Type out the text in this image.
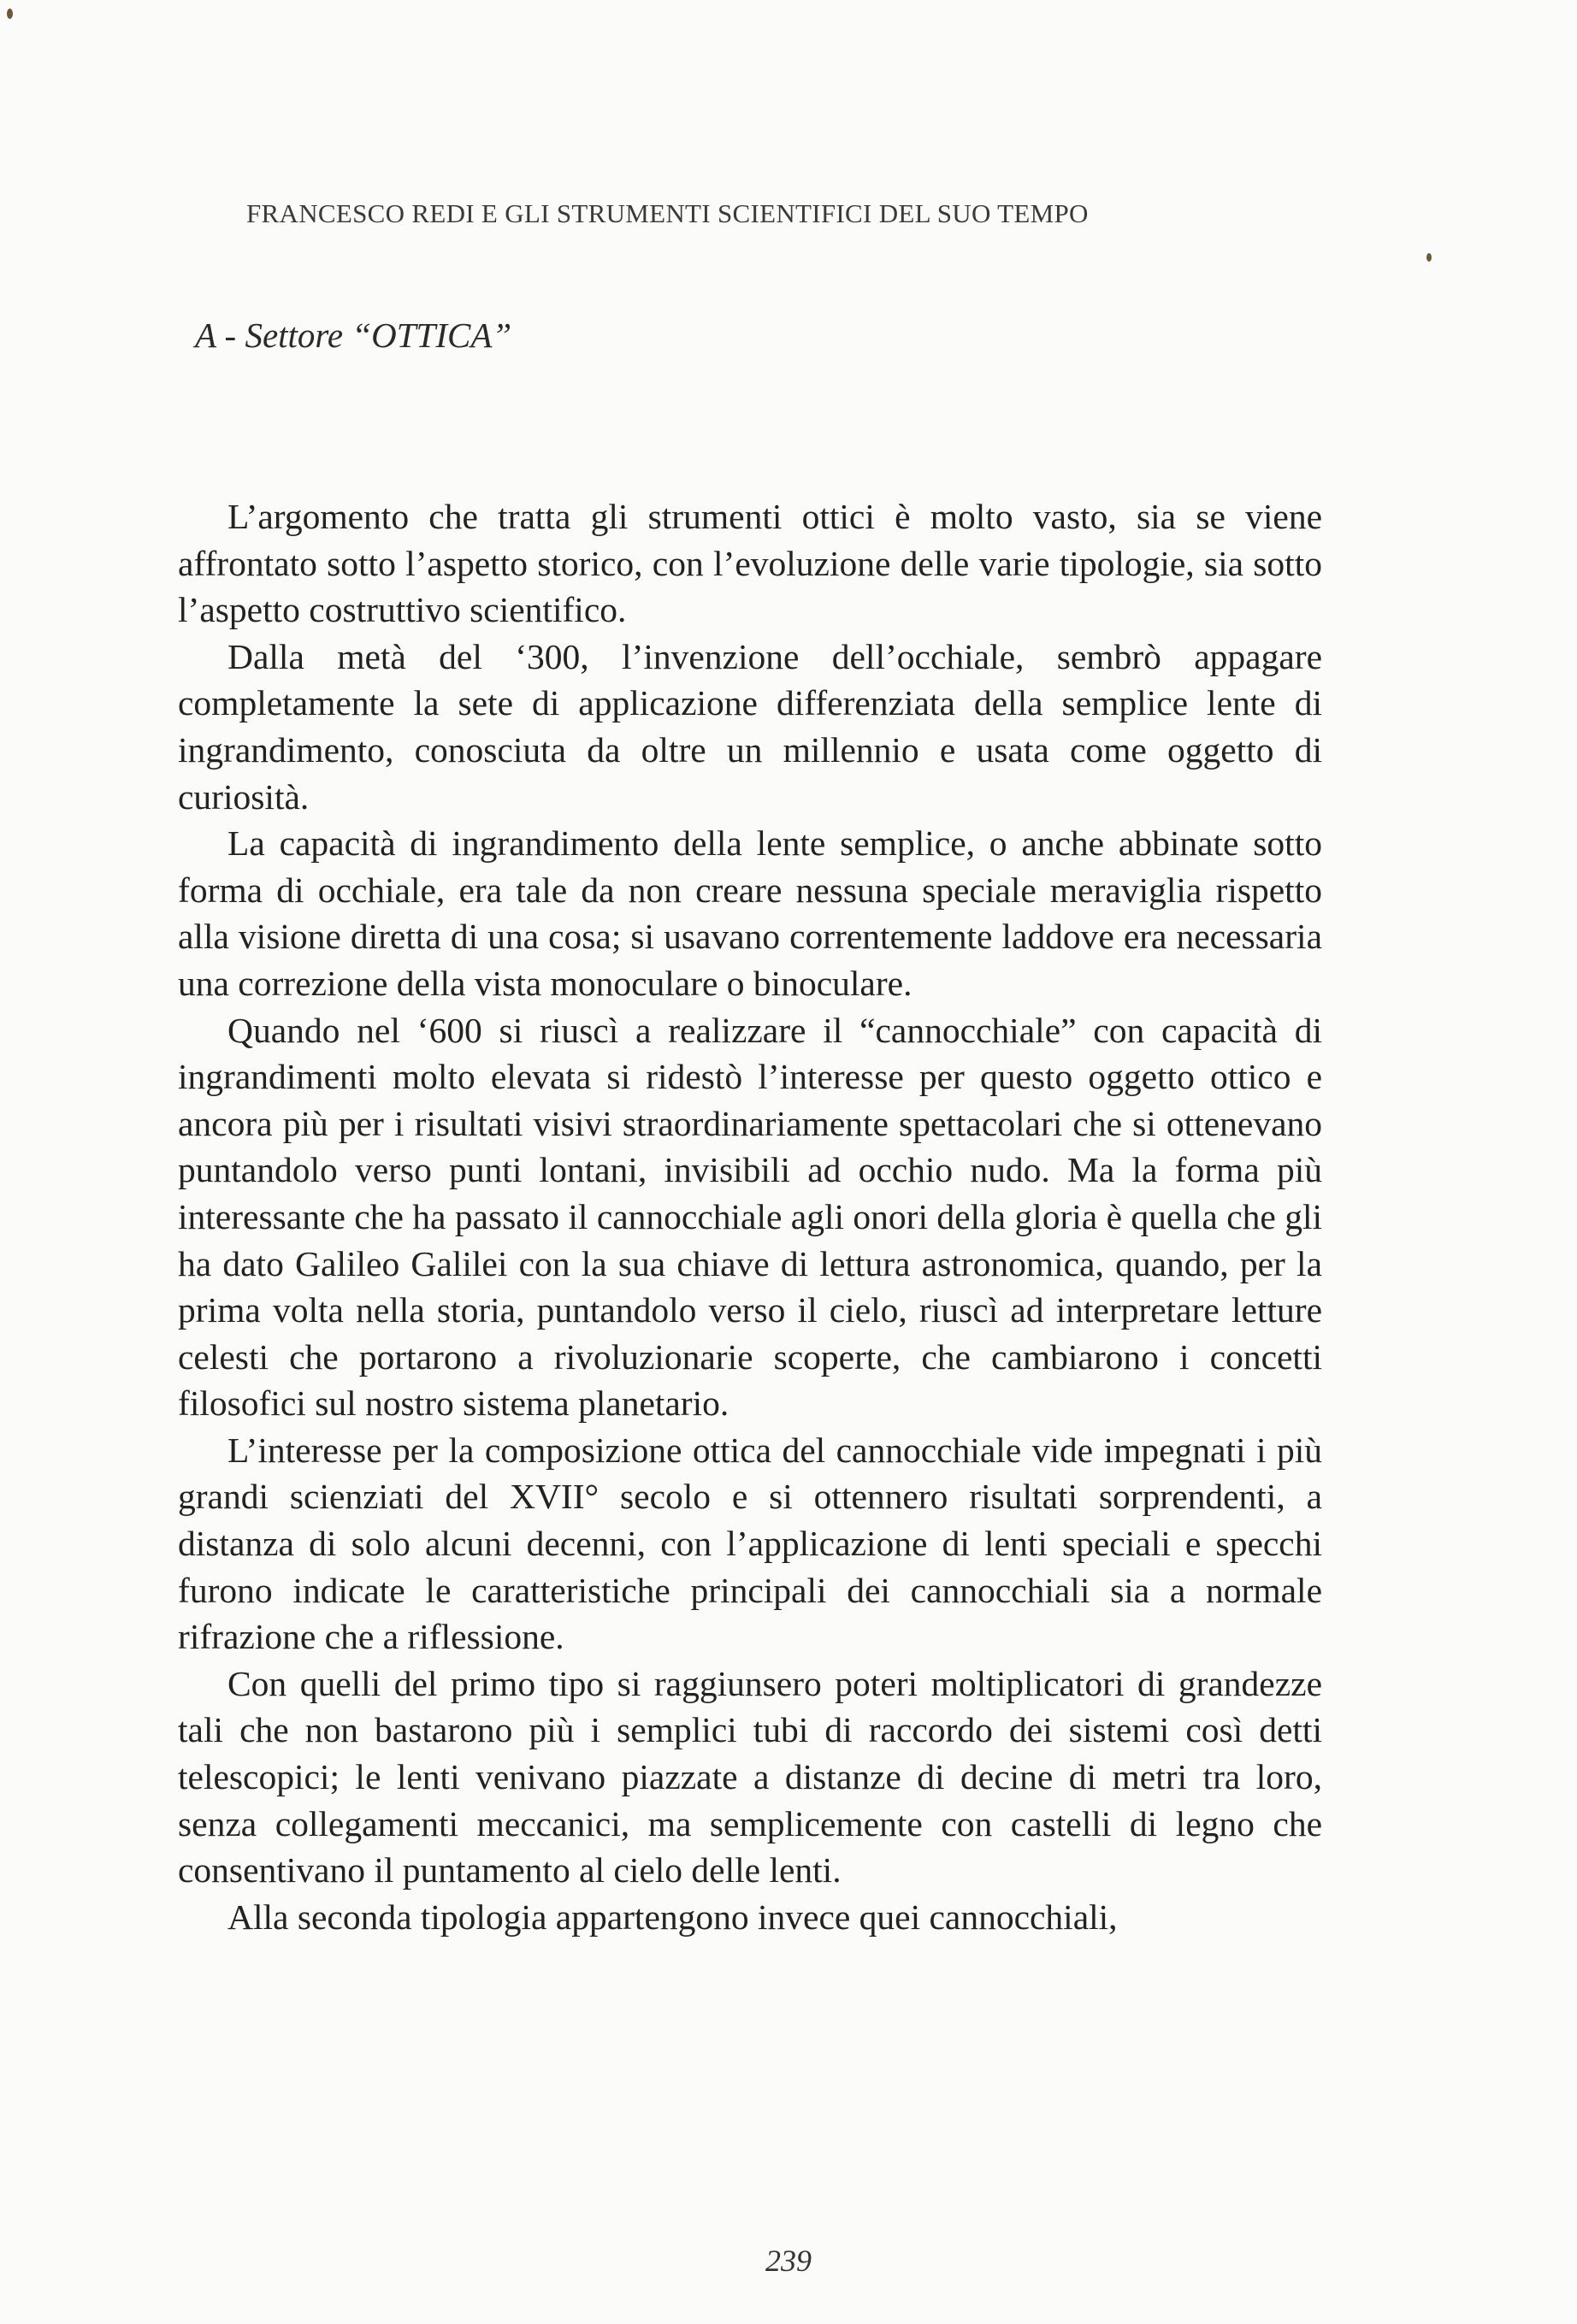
FRANCESCO REDI E GLI STRUMENTI SCIENTIFICI DEL SUO TEMPO
A - Settore “OTTICA”

L’argomento che tratta gli strumenti ottici è molto vasto, sia se viene affrontato sotto l’aspetto storico, con l’evoluzione delle varie tipologie, sia sotto l’aspetto costruttivo scientifico.

Dalla metà del ‘300, l’invenzione dell’occhiale, sembrò appagare completamente la sete di applicazione differenziata della semplice lente di ingrandimento, conosciuta da oltre un millennio e usata come oggetto di curiosità.

La capacità di ingrandimento della lente semplice, o anche abbinate sotto forma di occhiale, era tale da non creare nessuna speciale meraviglia rispetto alla visione diretta di una cosa; si usavano correntemente laddove era necessaria una correzione della vista monoculare o binoculare.

Quando nel ‘600 si riuscì a realizzare il “cannocchiale” con capacità di ingrandimenti molto elevata si ridestò l’interesse per questo oggetto ottico e ancora più per i risultati visivi straordinariamente spettacolari che si ottenevano puntandolo verso punti lontani, invisibili ad occhio nudo. Ma la forma più interessante che ha passato il cannocchiale agli onori della gloria è quella che gli ha dato Galileo Galilei con la sua chiave di lettura astronomica, quando, per la prima volta nella storia, puntandolo verso il cielo, riuscì ad interpretare letture celesti che portarono a rivoluzionarie scoperte, che cambiarono i concetti filosofici sul nostro sistema planetario.

L’interesse per la composizione ottica del cannocchiale vide impegnati i più grandi scienziati del XVII° secolo e si ottennero risultati sorprendenti, a distanza di solo alcuni decenni, con l’applicazione di lenti speciali e specchi furono indicate le caratteristiche principali dei cannocchiali sia a normale rifrazione che a riflessione.

Con quelli del primo tipo si raggiunsero poteri moltiplicatori di grandezze tali che non bastarono più i semplici tubi di raccordo dei sistemi così detti telescopici; le lenti venivano piazzate a distanze di decine di metri tra loro, senza collegamenti meccanici, ma semplicemente con castelli di legno che consentivano il puntamento al cielo delle lenti.

Alla seconda tipologia appartengono invece quei cannocchiali,

239
